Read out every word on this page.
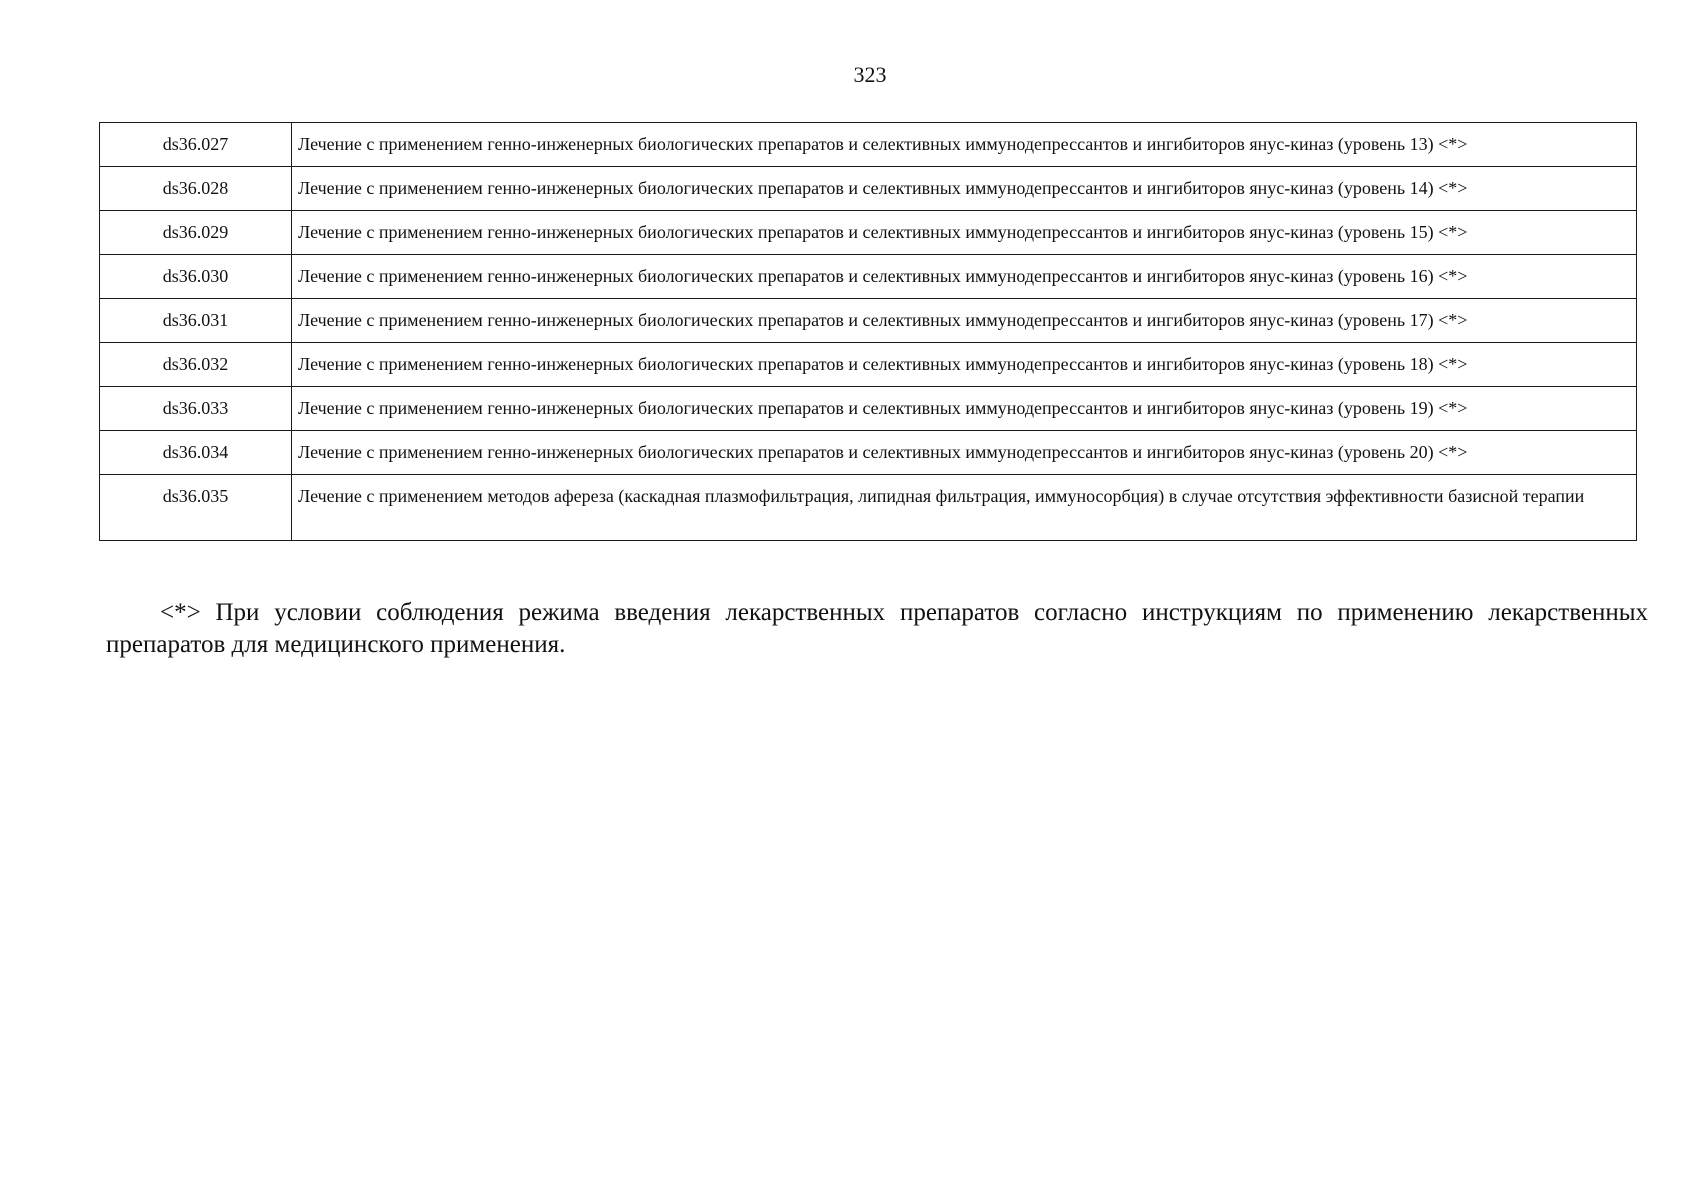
323
ds36.027	Лечение с применением генно-инженерных биологических препаратов и селективных иммунодепрессантов и ингибиторов янус-киназ (уровень 13) <*>
ds36.028	Лечение с применением генно-инженерных биологических препаратов и селективных иммунодепрессантов и ингибиторов янус-киназ (уровень 14) <*>
ds36.029	Лечение с применением генно-инженерных биологических препаратов и селективных иммунодепрессантов и ингибиторов янус-киназ (уровень 15) <*>
ds36.030	Лечение с применением генно-инженерных биологических препаратов и селективных иммунодепрессантов и ингибиторов янус-киназ (уровень 16) <*>
ds36.031	Лечение с применением генно-инженерных биологических препаратов и селективных иммунодепрессантов и ингибиторов янус-киназ (уровень 17) <*>
ds36.032	Лечение с применением генно-инженерных биологических препаратов и селективных иммунодепрессантов и ингибиторов янус-киназ (уровень 18) <*>
ds36.033	Лечение с применением генно-инженерных биологических препаратов и селективных иммунодепрессантов и ингибиторов янус-киназ (уровень 19) <*>
ds36.034	Лечение с применением генно-инженерных биологических препаратов и селективных иммунодепрессантов и ингибиторов янус-киназ (уровень 20) <*>
ds36.035	Лечение с применением методов афереза (каскадная плазмофильтрация, липидная фильтрация, иммуносорбция) в случае отсутствия эффективности базисной терапии

<*> При условии соблюдения режима введения лекарственных препаратов согласно инструкциям по применению лекарственных препаратов для медицинского применения.
